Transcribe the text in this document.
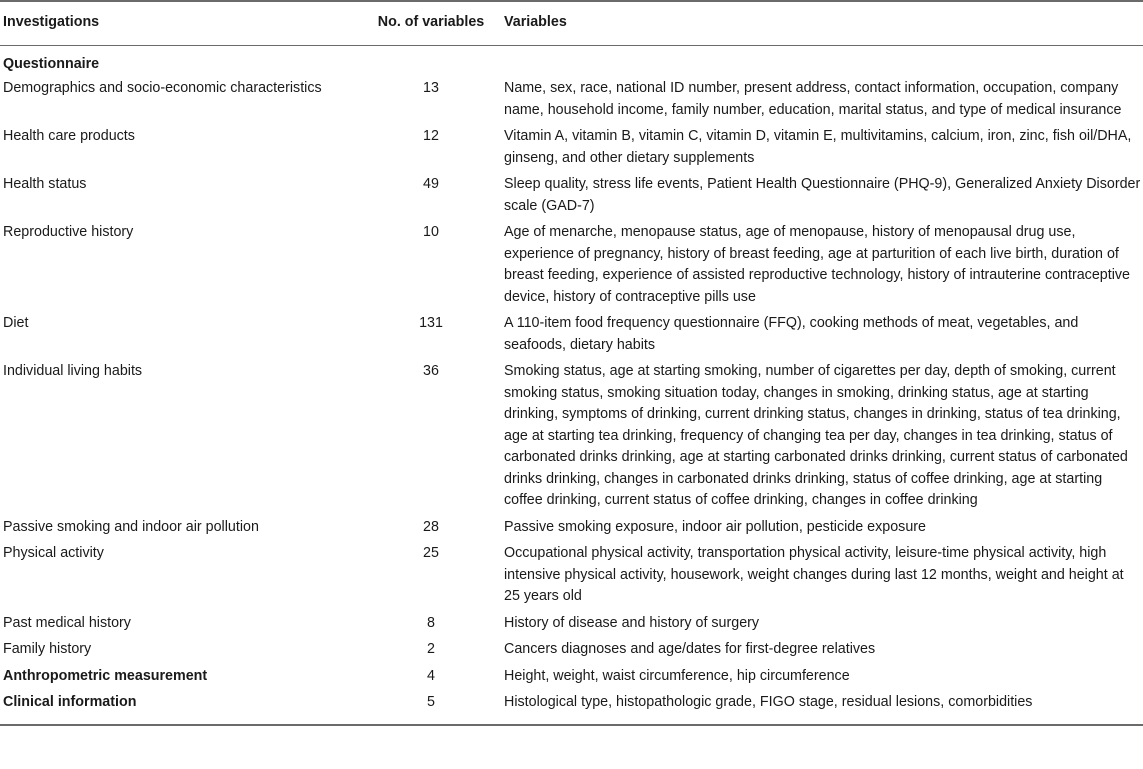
Investigations	No. of variables	Variables
Questionnaire		
Demographics and socio-economic characteristics	13	Name, sex, race, national ID number, present address, contact information, occupation, company name, household income, family number, education, marital status, and type of medical insurance
Health care products	12	Vitamin A, vitamin B, vitamin C, vitamin D, vitamin E, multivitamins, calcium, iron, zinc, fish oil/DHA, ginseng, and other dietary supplements
Health status	49	Sleep quality, stress life events, Patient Health Questionnaire (PHQ-9), Generalized Anxiety Disorder scale (GAD-7)
Reproductive history	10	Age of menarche, menopause status, age of menopause, history of menopausal drug use, experience of pregnancy, history of breast feeding, age at parturition of each live birth, duration of breast feeding, experience of assisted reproductive technology, history of intrauterine contraceptive device, history of contraceptive pills use
Diet	131	A 110-item food frequency questionnaire (FFQ), cooking methods of meat, vegetables, and seafoods, dietary habits
Individual living habits	36	Smoking status, age at starting smoking, number of cigarettes per day, depth of smoking, current smoking status, smoking situation today, changes in smoking, drinking status, age at starting drinking, symptoms of drinking, current drinking status, changes in drinking, status of tea drinking, age at starting tea drinking, frequency of changing tea per day, changes in tea drinking, status of carbonated drinks drinking, age at starting carbonated drinks drinking, current status of carbonated drinks drinking, changes in carbonated drinks drinking, status of coffee drinking, age at starting coffee drinking, current status of coffee drinking, changes in coffee drinking
Passive smoking and indoor air pollution	28	Passive smoking exposure, indoor air pollution, pesticide exposure
Physical activity	25	Occupational physical activity, transportation physical activity, leisure-time physical activity, high intensive physical activity, housework, weight changes during last 12 months, weight and height at 25 years old
Past medical history	8	History of disease and history of surgery
Family history	2	Cancers diagnoses and age/dates for first-degree relatives
Anthropometric measurement	4	Height, weight, waist circumference, hip circumference
Clinical information	5	Histological type, histopathologic grade, FIGO stage, residual lesions, comorbidities
